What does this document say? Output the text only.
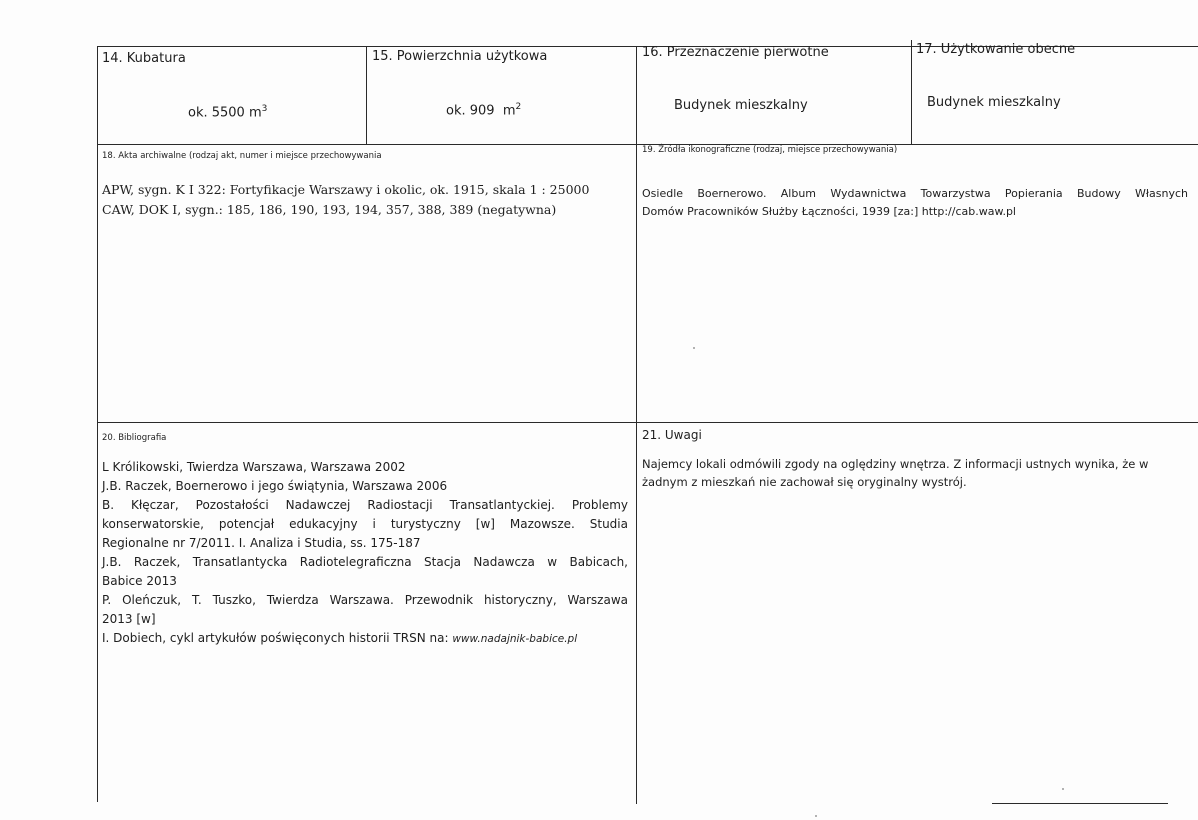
14. Kubatura
ok. 5500 $m^3$
15. Powierzchnia użytkowa
ok. 909  $m^2$
16. Przeznaczenie pierwotne
Budynek mieszkalny
17. Użytkowanie obecne
Budynek mieszkalny
18. Akta archiwalne (rodzaj akt, numer i miejsce przechowywania
APW, sygn. K I 322: Fortyfikacje Warszawy i okolic, ok. 1915, skala 1 : 25000
CAW, DOK I, sygn.: 185, 186, 190, 193, 194, 357, 388, 389 (negatywna)
19. Źródła ikonograficzne (rodzaj, miejsce przechowywania)
Osiedle Boernerowo. Album Wydawnictwa Towarzystwa Popierania Budowy Własnych
Domów Pracowników Służby Łączności, 1939 [za:] http://cab.waw.pl
20. Bibliografia
L Królikowski, Twierdza Warszawa, Warszawa 2002
J.B. Raczek, Boernerowo i jego świątynia, Warszawa 2006
B. Kłęczar, Pozostałości Nadawczej Radiostacji Transatlantyckiej. Problemy
konserwatorskie, potencjał edukacyjny i turystyczny [w] Mazowsze. Studia
Regionalne nr 7/2011. I. Analiza i Studia, ss. 175-187
J.B. Raczek, Transatlantycka Radiotelegraficzna Stacja Nadawcza w Babicach,
Babice 2013
P. Oleńczuk, T. Tuszko, Twierdza Warszawa. Przewodnik historyczny, Warszawa
2013 [w]
I. Dobiech, cykl artykułów poświęconych historii TRSN na: www.nadajnik-babice.pl
21. Uwagi
Najemcy lokali odmówili zgody na oględziny wnętrza. Z informacji ustnych wynika, że w
żadnym z mieszkań nie zachował się oryginalny wystrój.
